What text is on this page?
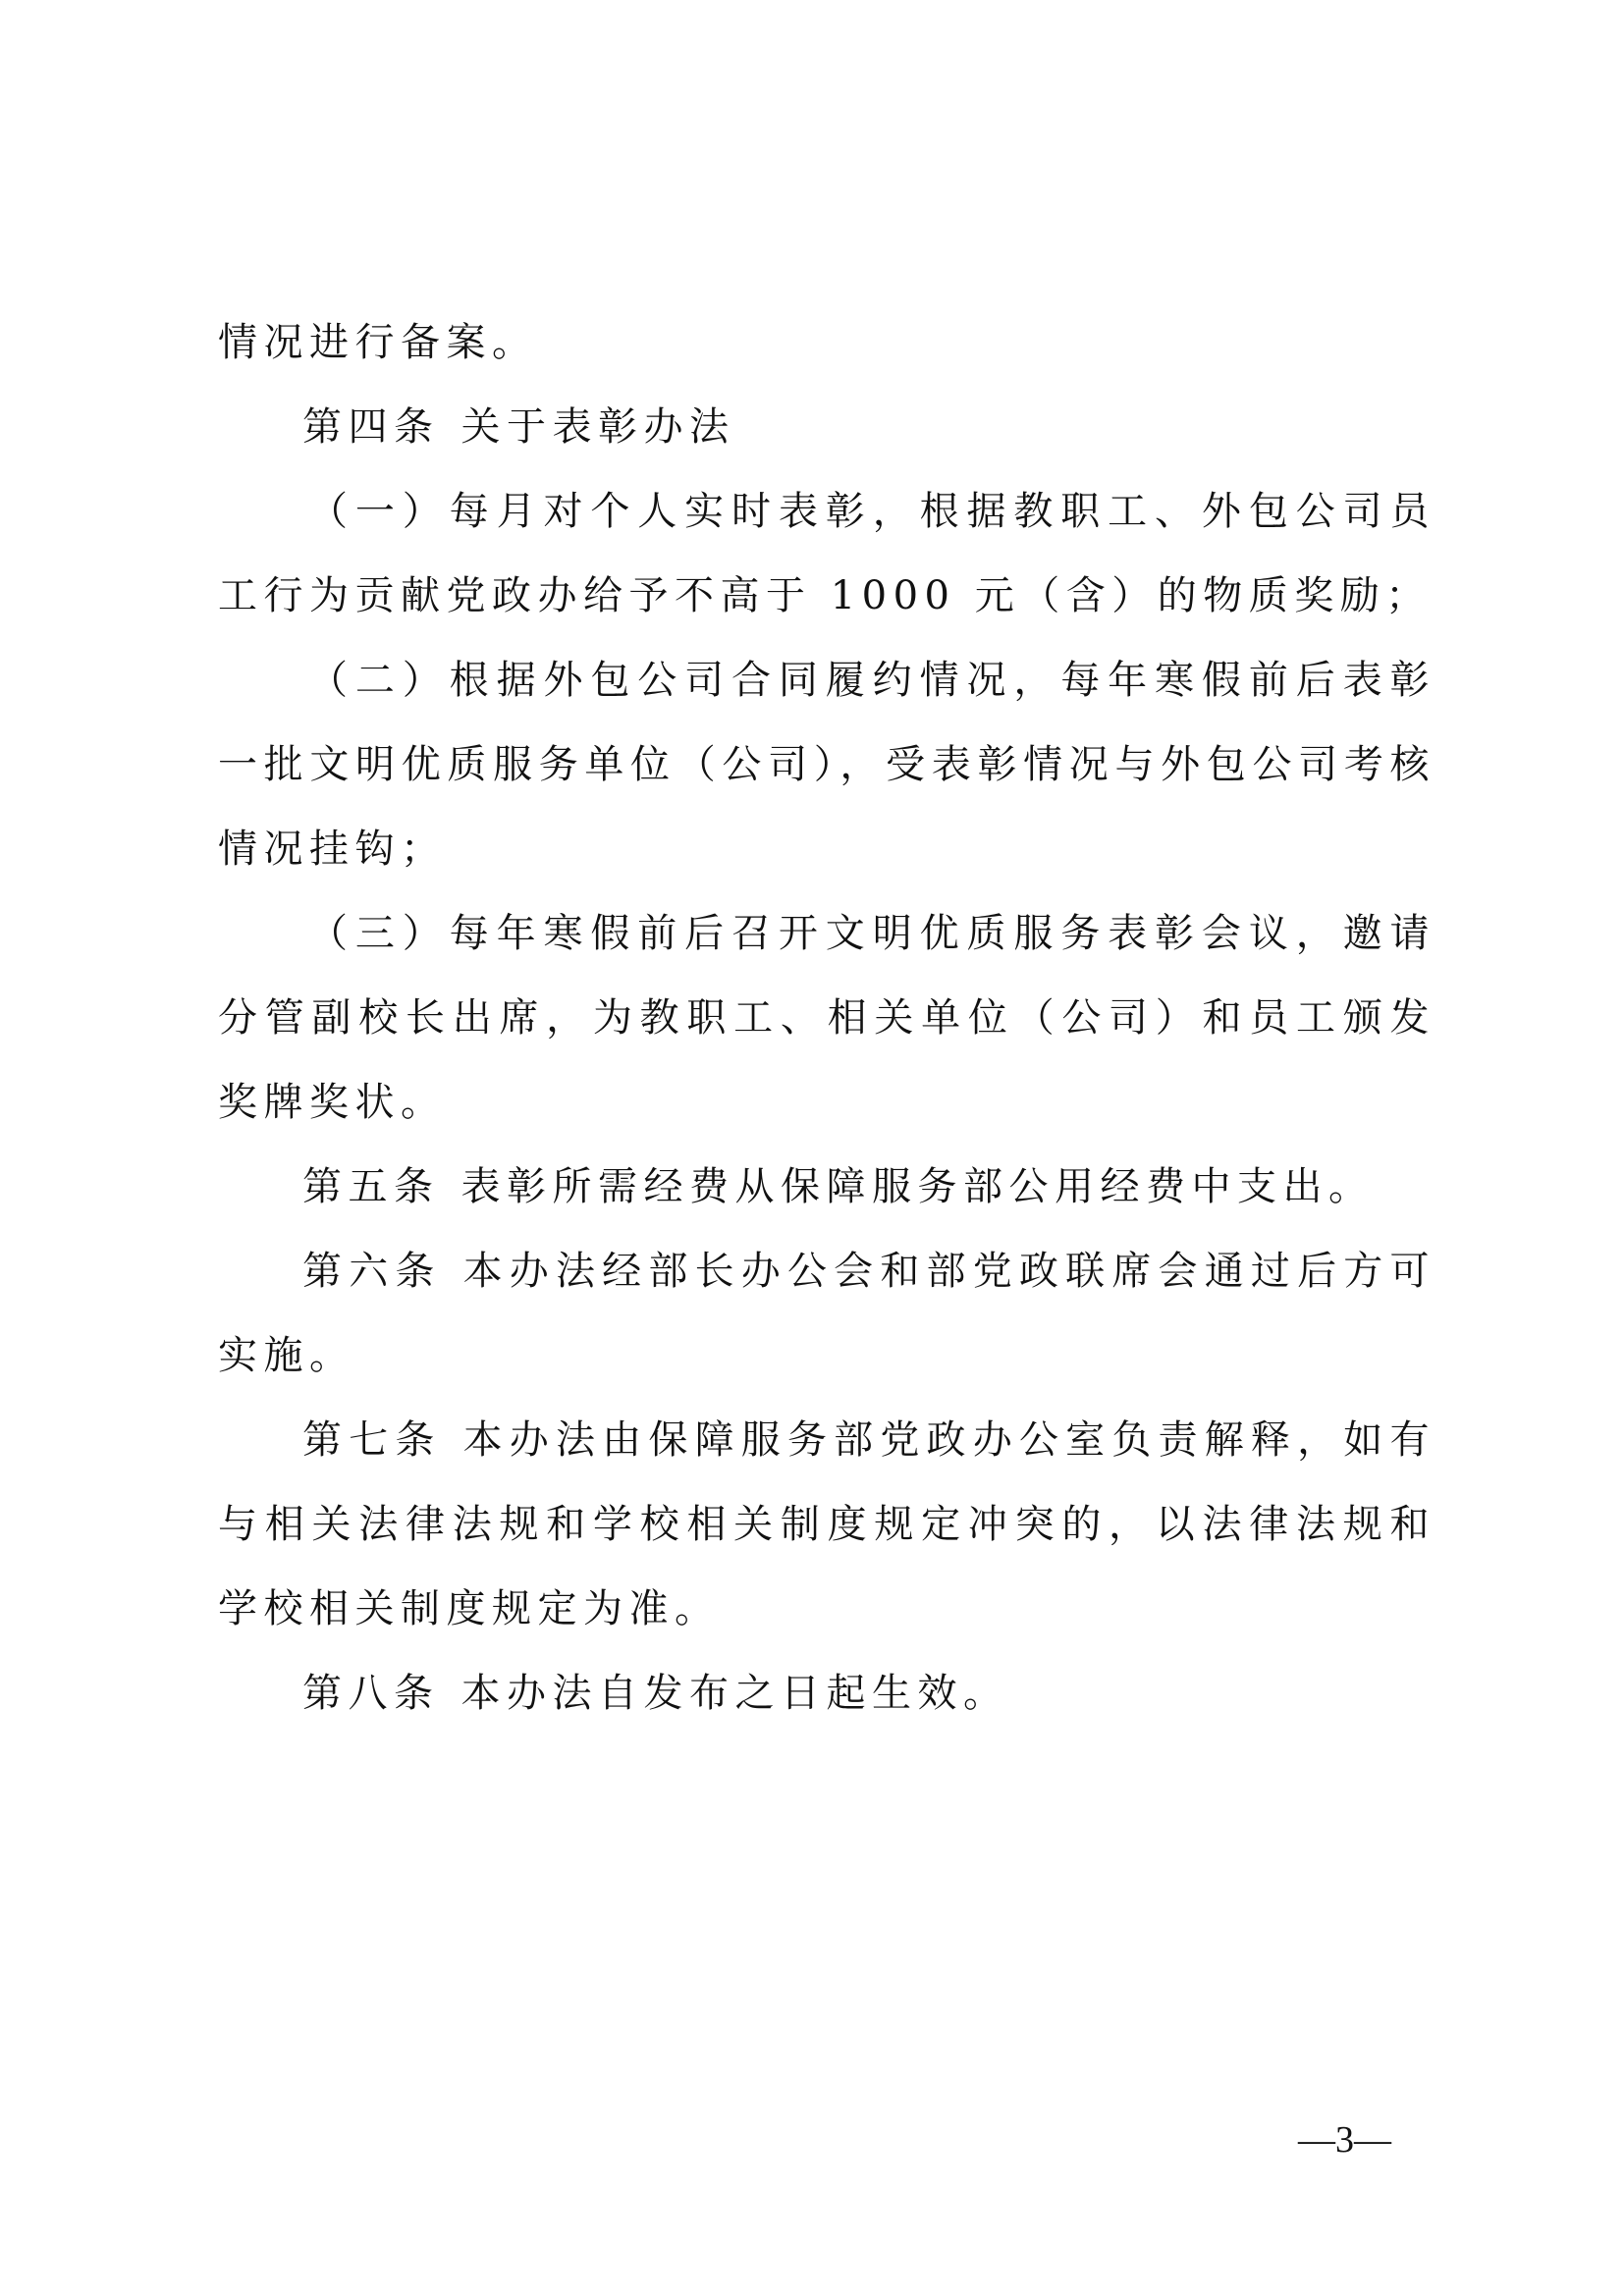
情况进行备案。

第四条 关于表彰办法

（一）每月对个人实时表彰，根据教职工、外包公司员工行为贡献党政办给予不高于 1000 元（含）的物质奖励；

（二）根据外包公司合同履约情况，每年寒假前后表彰一批文明优质服务单位（公司），受表彰情况与外包公司考核情况挂钩；

（三）每年寒假前后召开文明优质服务表彰会议，邀请分管副校长出席，为教职工、相关单位（公司）和员工颁发奖牌奖状。

第五条 表彰所需经费从保障服务部公用经费中支出。

第六条 本办法经部长办公会和部党政联席会通过后方可实施。

第七条 本办法由保障服务部党政办公室负责解释，如有与相关法律法规和学校相关制度规定冲突的，以法律法规和学校相关制度规定为准。

第八条 本办法自发布之日起生效。

—3—
